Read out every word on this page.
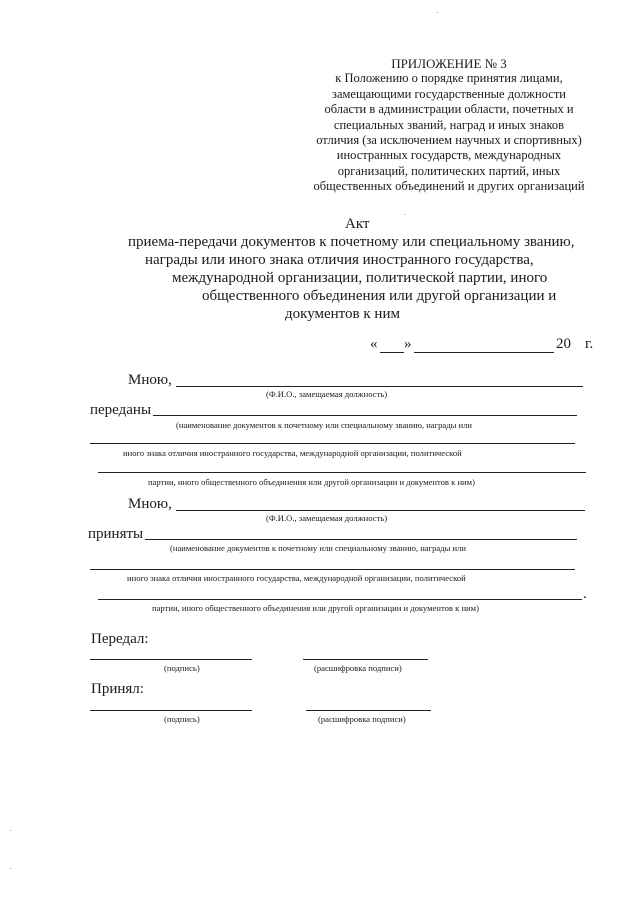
ПРИЛОЖЕНИЕ № 3
к Положению о порядке принятия лицами,
замещающими государственные должности
области в администрации области, почетных и
специальных званий, наград и иных знаков
отличия (за исключением научных и спортивных)
иностранных государств, международных
организаций, политических партий, иных
общественных объединений и других организаций
Акт
приема-передачи документов к почетному или специальному званию,
награды или иного знака отличия иностранного государства,
международной организации, политической партии, иного
общественного объединения или другой организации и
документов к ним
« »	20 г.
Мною,
(Ф.И.О., замещаемая должность)
переданы
(наименование документов к почетному или специальному званию, награды или
иного знака отличия иностранного государства, международной организации, политической
партии, иного общественного объединения или другой организации и документов к ним)
Мною,
(Ф.И.О., замещаемая должность)
приняты
(наименование документов к почетному или специальному званию, награды или
иного знака отличия иностранного государства, международной организации, политической
.
партии, иного общественного объединения или другой организации и документов к ним)
Передал:
(подпись)	(расшифровка подписи)
Принял:
(подпись)	(расшифровка подписи)
